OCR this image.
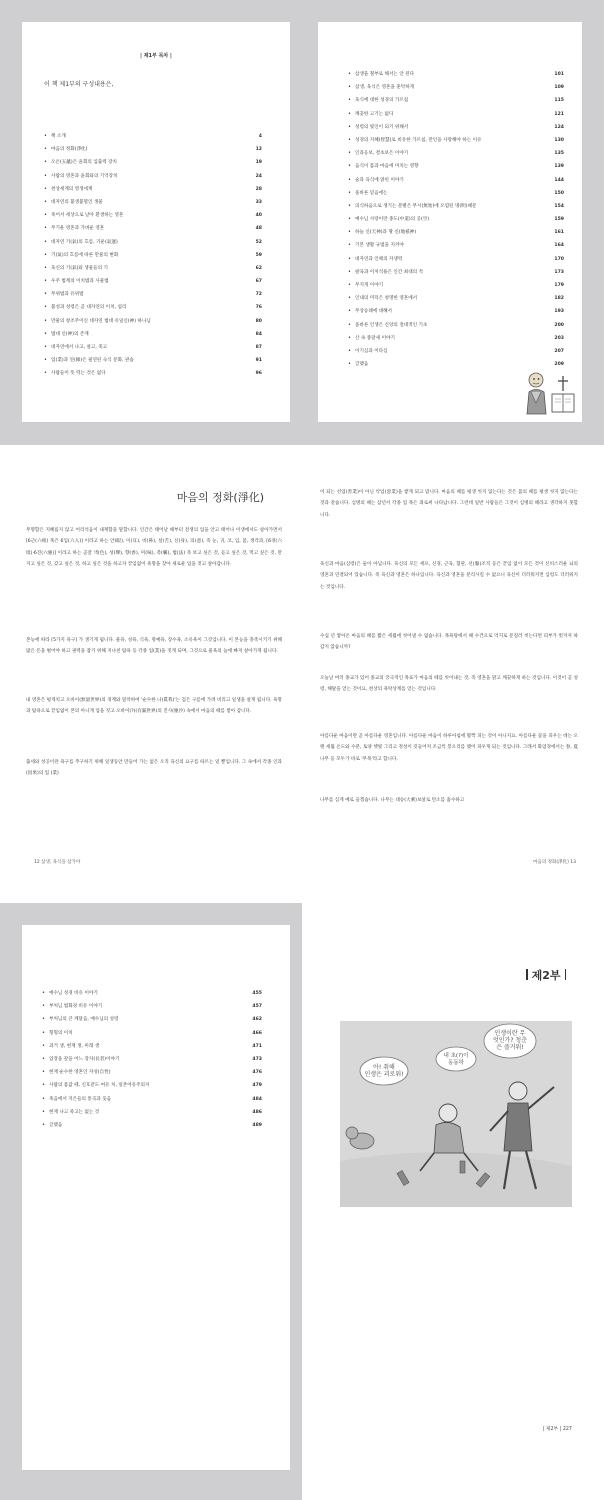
| 제1부 목차 |
이 책 제1부의 구성내용은,
• 책 소개	4
• 마음의 정화(淨化)	12
• 오온(五蘊)은 윤회의 입출력 장치	19
• 사람의 영혼과 윤회와의 기억장치	24
• 천상세계의 영생세계	28
• 대자연의 불생불멸인 생물	33
• 죽어서 세상으로 날아 환생하는 영혼	40
• 무기운 영혼과 가벼운 영혼	48
• 대자연 기(氣)의 흐름, 기운(氣運)	52
• 기(氣)의 흐름에 따른 만물의 변화	59
• 육신의 기(氣)와 생물들의 기	62
• 우주 법계의 이치법과 사물법	67
• 무위법과 유위법	72
• 불성과 성령은 곧 대자연의 이치, 섭리	76
• 만물의 창조주이신 대자연 법대 유일신(神) 하나님	80
• 법대 신(神)의 존재	84
• 대자연에서 나고, 살고, 죽고	87
• 업(業)과 연(緣)은 필연된 숙식 문화, 관습	91
• 사람들이 뜻 떡는 것은 없다	96
• 삼생을 철부로 해서는 안 된다	101
• 삼생, 육식은 영혼을 훈탁하게	109
• 육식에 대한 성경의 가르침	115
• 깨끗한 고기는 없다	121
• 성령의 빛인이 되기 위해서	124
• 성경의 지혜(智慧)로 비유한 가르침, 만인을 사랑해야 하는 이유	130
• 인과응보, 결초보은 이야기	135
• 음식이 몸과 마음에 미치는 영향	139
• 술과 육식에 얽힌 이야기	144
• 올바른 믿음에는	150
• 의식하음으로 생기는 분별은 무시(無始)에 오염된 명(明)때문	154
• 예수님 사랑이란 종도(中道)의 공(空)	159
• 하늘 신(天神)과 땅 신(地祇神)	161
• 기본 생활 규범을 지켜야	164
• 대자연과 인체의 자생력	170
• 팔육과 이처석용은 인간 최대의 적	173
• 무지개 이야기	179
• 인내의 미덕은 청명한 영혼에서	182
• 무상승례에 대해서	193
• 올바른 인생은 신앙의 절대적인 기초	200
• 산 속 종달새 이야기	203
• 이기심과 이타심	207
• 글맺음	209
마음의 정화(淨化)

무명함은 지혜롭지 않고 어리석음이 내재함을 말합니다. 인간은 태어날 때부터 전생의 업을 안고 태어나 이생에서도 살아가면서 [6근(六根) 혹은 6입(六入)] 이라고 하는 안(眼), 이(耳), 비(鼻), 설(舌), 신(身), 의(意), 즉 눈, 귀, 코, 입, 몸, 생각과, [6경(六境)·6진(六塵)] 이라고 하는 곧잘 색(色), 성(聲), 향(香), 미(味), 촉(觸), 법(法) 즉 보고 싶은 것, 듣고 싶은 것, 먹고 싶은 것, 만지고 싶은 것, 갖고 싶은 것, 하고 싶은 것을 하고자 끝임없이 욕망을 찾아 새로운 업을 짓고 살아갑니다.

본능에 따라 [5가지 욕구] 가 생기게 됩니다. 물욕, 성욕, 식욕, 명예욕, 장수욕, 소유욕이 그것입니다. 이 본능을 충족시키기 위해 많은 돈을 벌어야 하고 권력을 잡기 위해 지나친 탐욕 등 각종 업(業)을 짓게 되며, 그것으로 물욕의 늪에 빠져 살아가게 됩니다.

내 영혼은 평개치고 오바이(無量世界)의 경계와 밀착하여 '순수한 나(眞我)'는 검은 구름에 가려 비리고 일생을 살게 됩니다. 욕망과 탐욕으로 끝임없이 본의 아니게 업을 짓고 오바이(?)(有漏世界)의 진사(塵沙) 속에서 마음의 때를 쌓아 갑니다.

출세와 성공이란 욕구를 추구하기 위해 일생동안 만들어 가는 없은 오직 육신의 요구를 따르는 일 뿐입니다. 그 속에서 각종 인과(因果)의 업 (業)

12 삼생, 육식을 삼가야

이 되는 선업(善業)이 아닌 악업(惡業)을 쌓게 되고 맙니다. 마음의 때를 평생 씻지 않는다는 것은 몸의 때를 평생 씻지 않는다는 것과 같습니다. 심병의 때는 삼년서 각종 업 목은 죄로써 나타납니다. 그런데 일반 사람들은 그것이 심병의 때라고 생각하지 못합니다.

육신과 마음(심령)은 둘이 아닙니다. 육신의 모든 세포, 신경, 근육, 혈관, 선(腺)조직 등은 끝임 없이 모든 것이 신비스러운 뇌의 영혼과 연결되어 있습니다. 즉 육신과 영혼은 하나입니다. 육신과 영혼을 분리시킬 수 없으니 육신이 더러워지면 심령도 더러워지는 것입니다.

수십 년 쌓아온 마음의 때를 짧은 세월에 씻어낼 수 없습니다. 목욕탕에서 때 수건으로 억지로 문질러 씻는다면 피부가 벗겨져 따갑지 않습니까?

오늘날 여러 종교가 있어 종교의 궁극적인 목표가 마음의 때를 씻어내는 것, 즉 영혼을 맑고 깨끗하게 하는 것입니다. 이것이 곧 성령, 해탈을 얻는 것이요, 천상의 욕락상계를 얻는 것입니다.

아름다운 마음이란 곧 아름다운 영혼입니다. 아름다운 마음이 하루아침에 활짝 피는 것이 아니지요. 아름다운 꽃을 피우는 데는 오랜 세월 온도와 수분, 토양 햇빛 그리고 정성이 깃들어져 조금씩 봉오리를 맺어 피우게 되는 것입니다. 그래서 화엄경에서는 春, 夏 나무 등 모두가 바로 '무목'라고 합니다.

나무를 심게 예로 들겠습니다. 나무는 대승(大乘)보살로 탄소를 흡수하고

마음의 정화(淨化) 13
• 예수님 성경 비유 이야기	455
• 부처님 법화경 비유 이야기	457
• 부처님의 큰 깨달음, 예수님의 성령	462
• 형형의 이치	466
• 과거 생, 현재 생, 미래 생	471
• 업장을 갚을 어느 장자(長者)이야기	473
• 현재 순수한 영혼인 자성(自性)	476
• 사람의 몸값 때, 신호같도 여유 처, 일본어유주의자	479
• 죽음에서 지은들의 통곡과 웃음	484
• 현재 나고 죽고는 없는 것	486
• 글맺음	489
제2부
인생이란 무 엇인가? 청춘 은 즐거워!
내 초(?)이 동동하
아! 취해 인생은 괴로워!
| 제2부 | 227
